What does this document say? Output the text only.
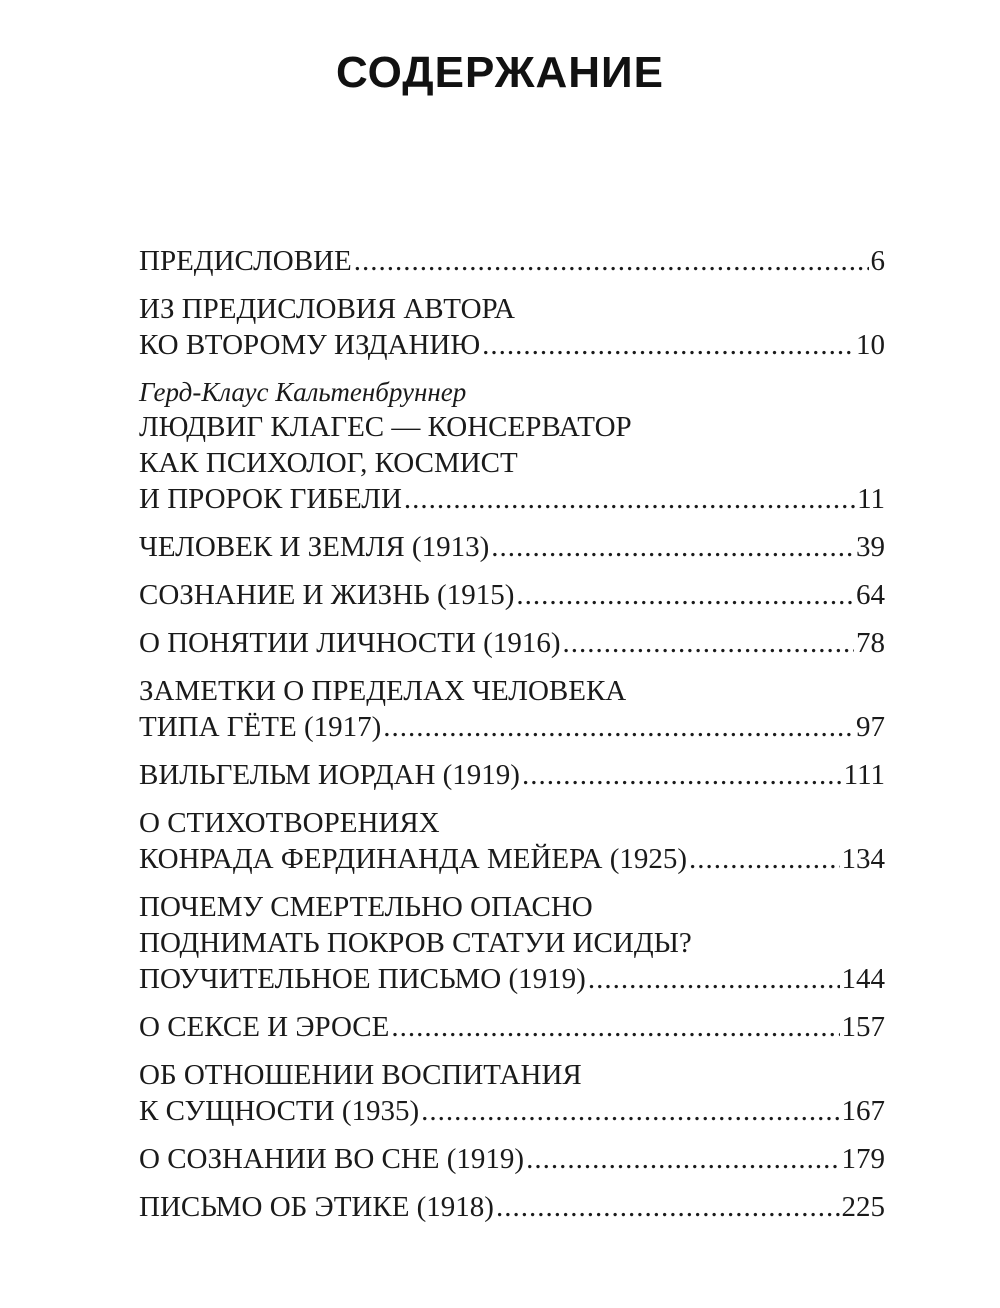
СОДЕРЖАНИЕ
ПРЕДИСЛОВИЕ .....	6
ИЗ ПРЕДИСЛОВИЯ АВТОРА
КО ВТОРОМУ ИЗДАНИЮ .....	10
Герд-Клаус Кальтенбруннер
ЛЮДВИГ КЛАГЕС — КОНСЕРВАТОР
КАК ПСИХОЛОГ, КОСМИСТ
И ПРОРОК ГИБЕЛИ .....	11
ЧЕЛОВЕК И ЗЕМЛЯ (1913) .....	39
СОЗНАНИЕ И ЖИЗНЬ (1915) .....	64
О ПОНЯТИИ ЛИЧНОСТИ (1916) .....	78
ЗАМЕТКИ О ПРЕДЕЛАХ ЧЕЛОВЕКА
ТИПА ГЁТЕ (1917) .....	97
ВИЛЬГЕЛЬМ ИОРДАН (1919) .....	111
О СТИХОТВОРЕНИЯХ
КОНРАДА ФЕРДИНАНДА МЕЙЕРА (1925) .....	134
ПОЧЕМУ СМЕРТЕЛЬНО ОПАСНО
ПОДНИМАТЬ ПОКРОВ СТАТУИ ИСИДЫ?
ПОУЧИТЕЛЬНОЕ ПИСЬМО (1919) .....	144
О СЕКСЕ И ЭРОСЕ .....	157
ОБ ОТНОШЕНИИ ВОСПИТАНИЯ
К СУЩНОСТИ (1935) .....	167
О СОЗНАНИИ ВО СНЕ (1919) .....	179
ПИСЬМО ОБ ЭТИКЕ (1918) .....	225
